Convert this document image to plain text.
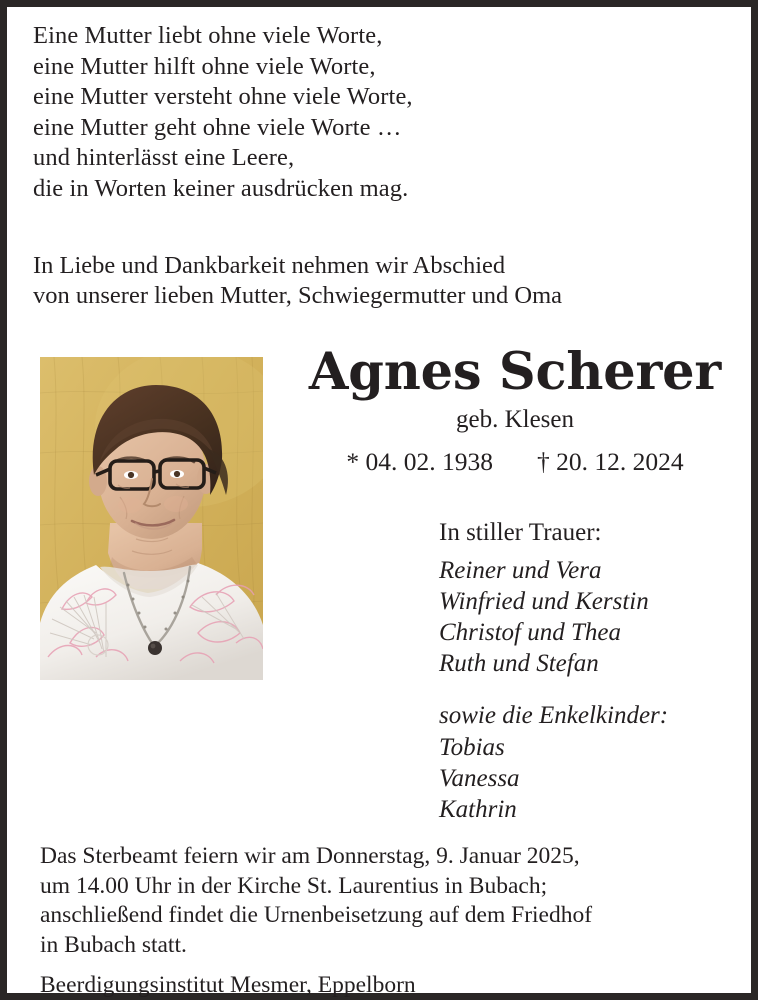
Eine Mutter liebt ohne viele Worte,
eine Mutter hilft ohne viele Worte,
eine Mutter versteht ohne viele Worte,
eine Mutter geht ohne viele Worte …
und hinterlässt eine Leere,
die in Worten keiner ausdrücken mag.
In Liebe und Dankbarkeit nehmen wir Abschied
von unserer lieben Mutter, Schwiegermutter und Oma
Agnes Scherer
geb. Klesen
* 04. 02. 1938 † 20. 12. 2024
In stiller Trauer:
Reiner und Vera
Winfried und Kerstin
Christof und Thea
Ruth und Stefan
sowie die Enkelkinder:
Tobias
Vanessa
Kathrin
Das Sterbeamt feiern wir am Donnerstag, 9. Januar 2025,
um 14.00 Uhr in der Kirche St. Laurentius in Bubach;
anschließend findet die Urnenbeisetzung auf dem Friedhof
in Bubach statt.
Beerdigungsinstitut Mesmer, Eppelborn
